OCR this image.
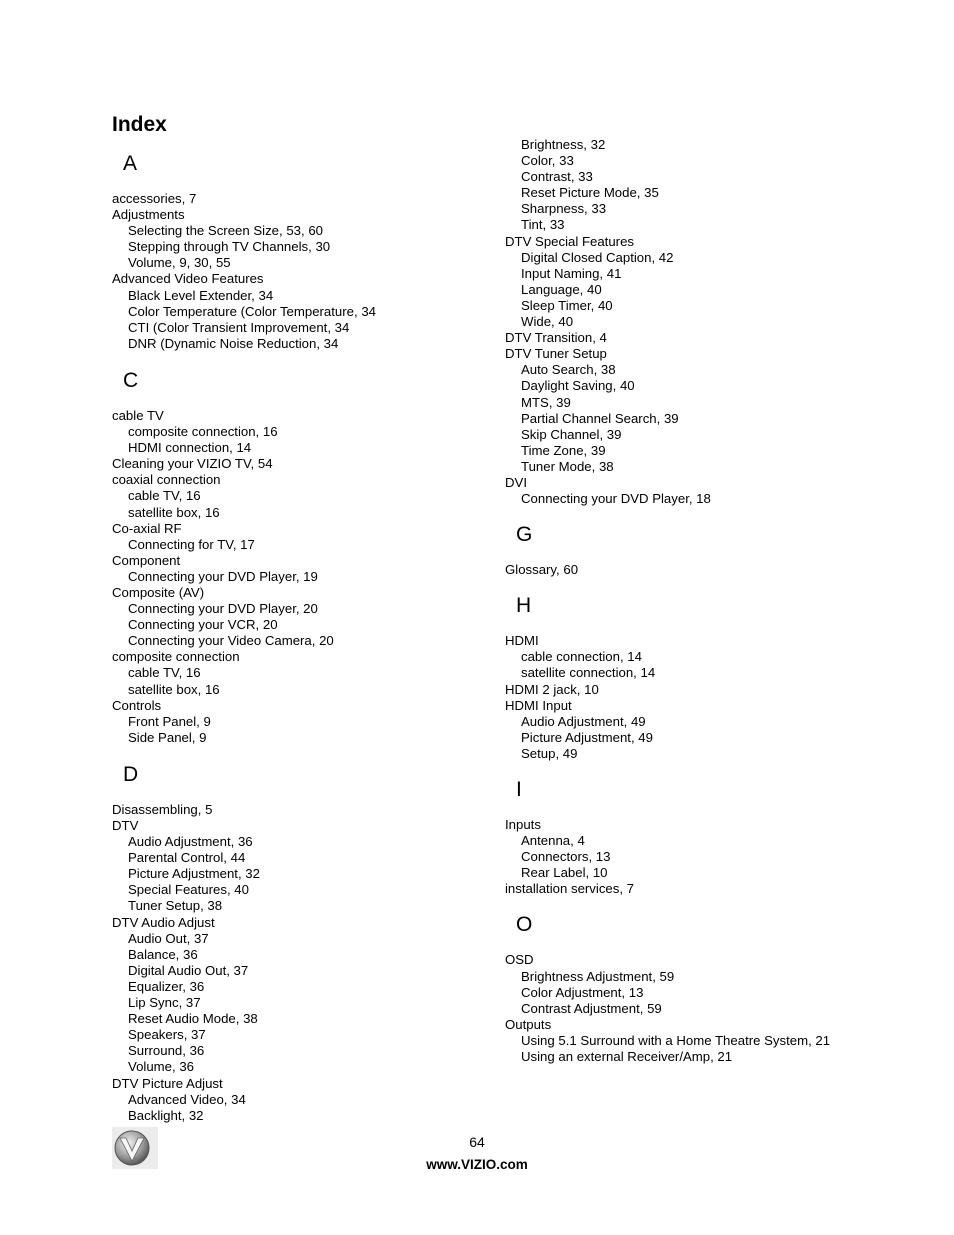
Index
A
accessories, 7
Adjustments
Selecting the Screen Size, 53, 60
Stepping through TV Channels, 30
Volume, 9, 30, 55
Advanced Video Features
Black Level Extender, 34
Color Temperature (Color Temperature, 34
CTI (Color Transient Improvement, 34
DNR (Dynamic Noise Reduction, 34
C
cable TV
composite connection, 16
HDMI connection, 14
Cleaning your VIZIO TV, 54
coaxial connection
cable TV, 16
satellite box, 16
Co-axial RF
Connecting for TV, 17
Component
Connecting your DVD Player, 19
Composite (AV)
Connecting your DVD Player, 20
Connecting your VCR, 20
Connecting your Video Camera, 20
composite connection
cable TV, 16
satellite box, 16
Controls
Front Panel, 9
Side Panel, 9
D
Disassembling, 5
DTV
Audio Adjustment, 36
Parental Control, 44
Picture Adjustment, 32
Special Features, 40
Tuner Setup, 38
DTV Audio Adjust
Audio Out, 37
Balance, 36
Digital Audio Out, 37
Equalizer, 36
Lip Sync, 37
Reset Audio Mode, 38
Speakers, 37
Surround, 36
Volume, 36
DTV Picture Adjust
Advanced Video, 34
Backlight, 32
Brightness, 32
Color, 33
Contrast, 33
Reset Picture Mode, 35
Sharpness, 33
Tint, 33
DTV Special Features
Digital Closed Caption, 42
Input Naming, 41
Language, 40
Sleep Timer, 40
Wide, 40
DTV Transition, 4
DTV Tuner Setup
Auto Search, 38
Daylight Saving, 40
MTS, 39
Partial Channel Search, 39
Skip Channel, 39
Time Zone, 39
Tuner Mode, 38
DVI
Connecting your DVD Player, 18
G
Glossary, 60
H
HDMI
cable connection, 14
satellite connection, 14
HDMI 2 jack, 10
HDMI Input
Audio Adjustment, 49
Picture Adjustment, 49
Setup, 49
I
Inputs
Antenna, 4
Connectors, 13
Rear Label, 10
installation services, 7
O
OSD
Brightness Adjustment, 59
Color Adjustment, 13
Contrast Adjustment, 59
Outputs
Using 5.1 Surround with a Home Theatre System, 21
Using an external Receiver/Amp, 21
64
www.VIZIO.com
